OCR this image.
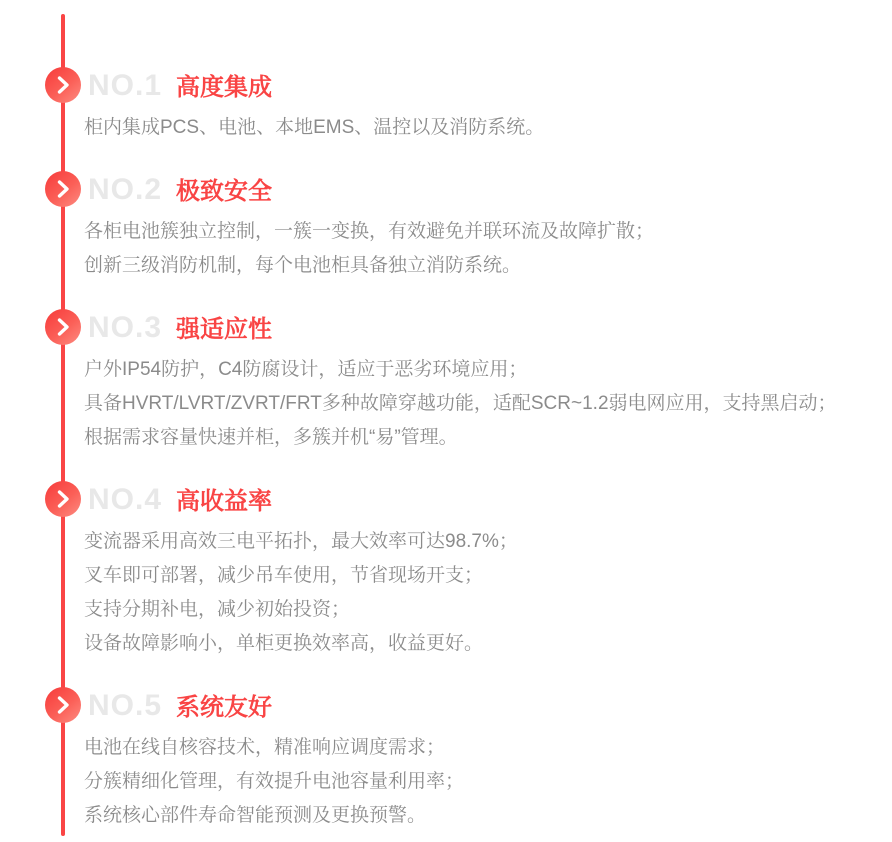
NO.1 高度集成

柜内集成PCS、电池、本地EMS、温控以及消防系统。

NO.2 极致安全

各柜电池簇独立控制，一簇一变换，有效避免并联环流及故障扩散；

创新三级消防机制，每个电池柜具备独立消防系统。

NO.3 强适应性

户外IP54防护，C4防腐设计，适应于恶劣环境应用；

具备HVRT/LVRT/ZVRT/FRT多种故障穿越功能，适配SCR~1.2弱电网应用，支持黑启动；

根据需求容量快速并柜，多簇并机“易”管理。

NO.4 高收益率

变流器采用高效三电平拓扑，最大效率可达98.7%；

叉车即可部署，减少吊车使用，节省现场开支；

支持分期补电，减少初始投资；

设备故障影响小，单柜更换效率高，收益更好。

NO.5 系统友好

电池在线自核容技术，精准响应调度需求；

分簇精细化管理，有效提升电池容量利用率；

系统核心部件寿命智能预测及更换预警。
